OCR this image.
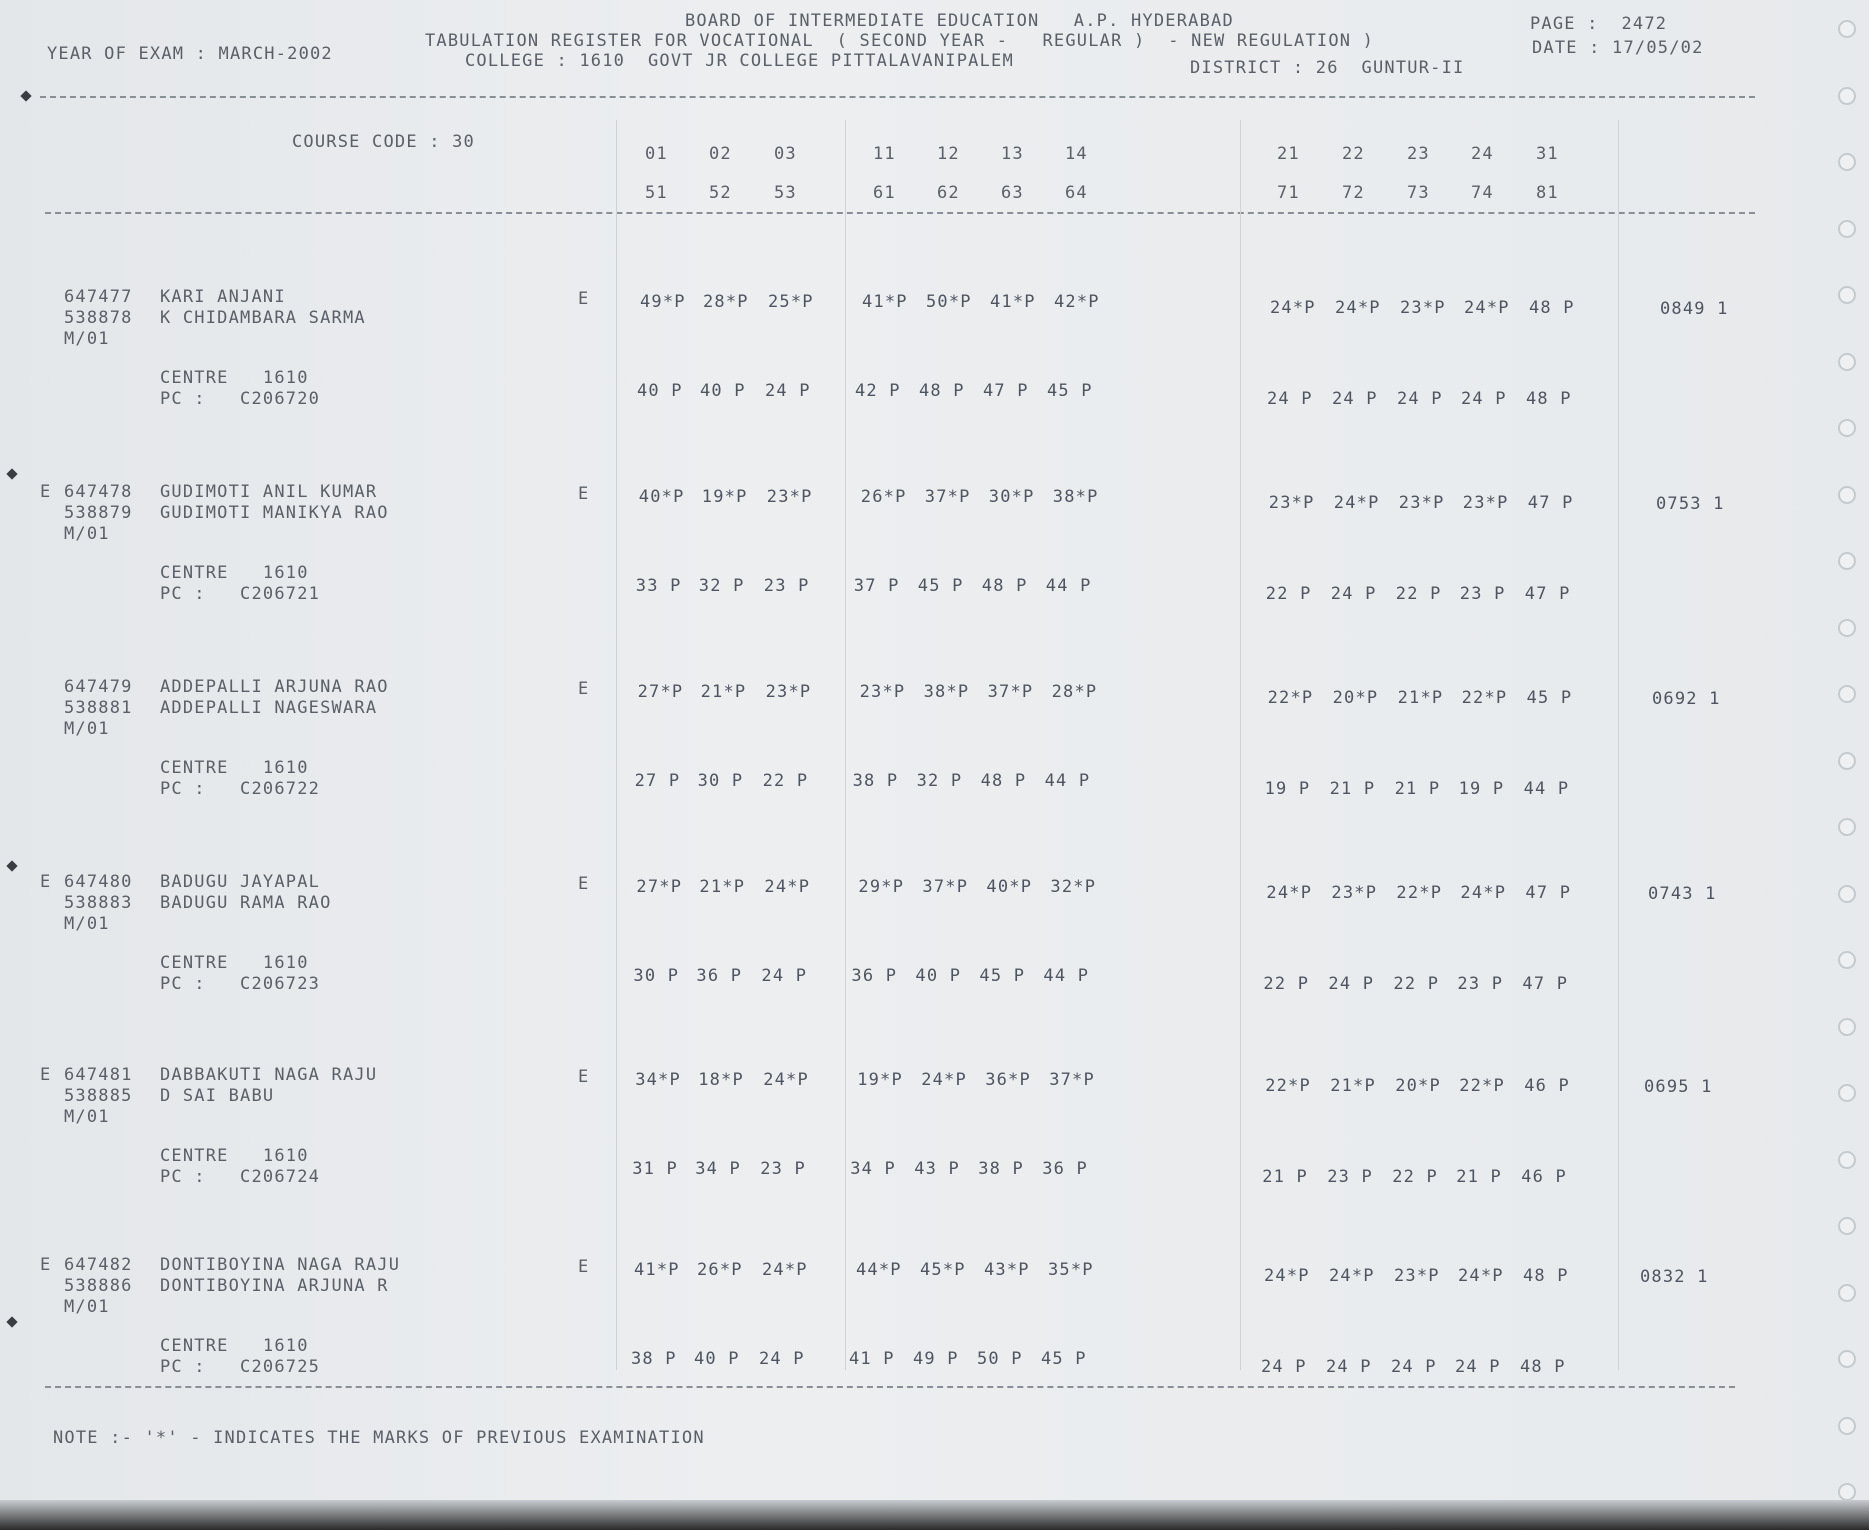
YEAR OF EXAM : MARCH-2002
BOARD OF INTERMEDIATE EDUCATION   A.P. HYDERABAD
TABULATION REGISTER FOR VOCATIONAL  ( SECOND YEAR -   REGULAR )  - NEW REGULATION )
COLLEGE : 1610  GOVT JR COLLEGE PITTALAVANIPALEM	DISTRICT : 26  GUNTUR-II
PAGE :  2472
DATE : 17/05/02
COURSE CODE : 30
01 02 03	11 12 13 14	21 22 23 24 31
51 52 53	61 62 63 64	71 72 73 74 81
647477 KARI ANJANI
538878 K CHIDAMBARA SARMA
M/01
E	49*P 28*P 25*P	41*P 50*P 41*P 42*P	24*P 24*P 23*P 24*P 48 P	0849 1
CENTRE   1610
PC :   C206720	40 P 40 P 24 P	42 P 48 P 47 P 45 P	24 P 24 P 24 P 24 P 48 P
E 647478 GUDIMOTI ANIL KUMAR
538879 GUDIMOTI MANIKYA RAO
M/01
E	40*P 19*P 23*P	26*P 37*P 30*P 38*P	23*P 24*P 23*P 23*P 47 P	0753 1
CENTRE   1610
PC :   C206721	33 P 32 P 23 P	37 P 45 P 48 P 44 P	22 P 24 P 22 P 23 P 47 P
647479 ADDEPALLI ARJUNA RAO
538881 ADDEPALLI NAGESWARA
M/01
E	27*P 21*P 23*P	23*P 38*P 37*P 28*P	22*P 20*P 21*P 22*P 45 P	0692 1
CENTRE   1610
PC :   C206722	27 P 30 P 22 P	38 P 32 P 48 P 44 P	19 P 21 P 21 P 19 P 44 P
E 647480 BADUGU JAYAPAL
538883 BADUGU RAMA RAO
M/01
E	27*P 21*P 24*P	29*P 37*P 40*P 32*P	24*P 23*P 22*P 24*P 47 P	0743 1
CENTRE   1610
PC :   C206723	30 P 36 P 24 P	36 P 40 P 45 P 44 P	22 P 24 P 22 P 23 P 47 P
E 647481 DABBAKUTI NAGA RAJU
538885 D SAI BABU
M/01
E	34*P 18*P 24*P	19*P 24*P 36*P 37*P	22*P 21*P 20*P 22*P 46 P	0695 1
CENTRE   1610
PC :   C206724	31 P 34 P 23 P	34 P 43 P 38 P 36 P	21 P 23 P 22 P 21 P 46 P
E 647482 DONTIBOYINA NAGA RAJU
538886 DONTIBOYINA ARJUNA R
M/01
E	41*P 26*P 24*P	44*P 45*P 43*P 35*P	24*P 24*P 23*P 24*P 48 P	0832 1
CENTRE   1610
PC :   C206725	38 P 40 P 24 P	41 P 49 P 50 P 45 P	24 P 24 P 24 P 24 P 48 P
NOTE :- '*' - INDICATES THE MARKS OF PREVIOUS EXAMINATION
